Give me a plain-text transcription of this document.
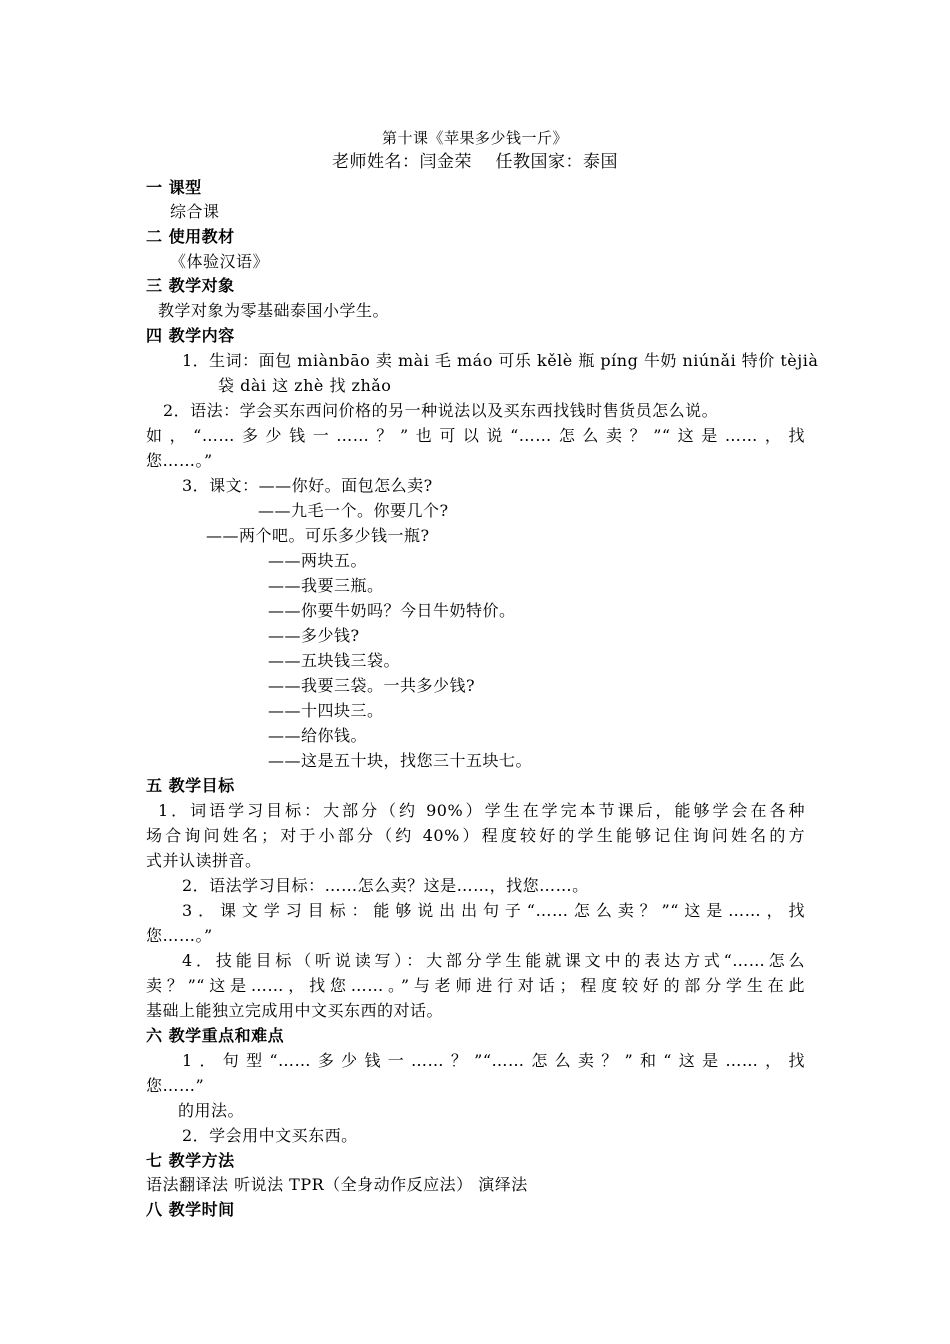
第十课《苹果多少钱一斤》
老师姓名：闫金荣　 任教国家：泰国
一 课型
综合课
二 使用教材
《体验汉语》
三 教学对象
教学对象为零基础泰国小学生。
四 教学内容
1．生词：面包 miànbāo 卖 mài 毛 máo 可乐 kělè 瓶 píng 牛奶 niúnǎi 特价 tèjià
袋 dài 这 zhè 找 zhǎo
2．语法：学会买东西问价格的另一种说法以及买东西找钱时售货员怎么说。
如，“……多少钱一……？”也可以说“……怎么卖？”“这是……，找
您……。”
3．课文：——你好。面包怎么卖?
——九毛一个。你要几个?
——两个吧。可乐多少钱一瓶?
——两块五。
——我要三瓶。
——你要牛奶吗？今日牛奶特价。
——多少钱?
——五块钱三袋。
——我要三袋。一共多少钱?
——十四块三。
——给你钱。
——这是五十块，找您三十五块七。
五 教学目标
1．词语学习目标：大部分（约 90%）学生在学完本节课后，能够学会在各种
场合询问姓名；对于小部分（约 40%）程度较好的学生能够记住询问姓名的方
式并认读拼音。
2．语法学习目标：……怎么卖？这是……，找您……。
3．课文学习目标：能够说出出句子“……怎么卖？”“这是……，找
您……。”
4．技能目标（听说读写）：大部分学生能就课文中的表达方式“……怎么
卖？”“这是……，找您……。”与老师进行对话；程度较好的部分学生在此
基础上能独立完成用中文买东西的对话。
六 教学重点和难点
1．句型“……多少钱一……？”“……怎么卖？”和“这是……，找
您……”
的用法。
2．学会用中文买东西。
七 教学方法
语法翻译法 听说法 TPR（全身动作反应法） 演绎法
八 教学时间
